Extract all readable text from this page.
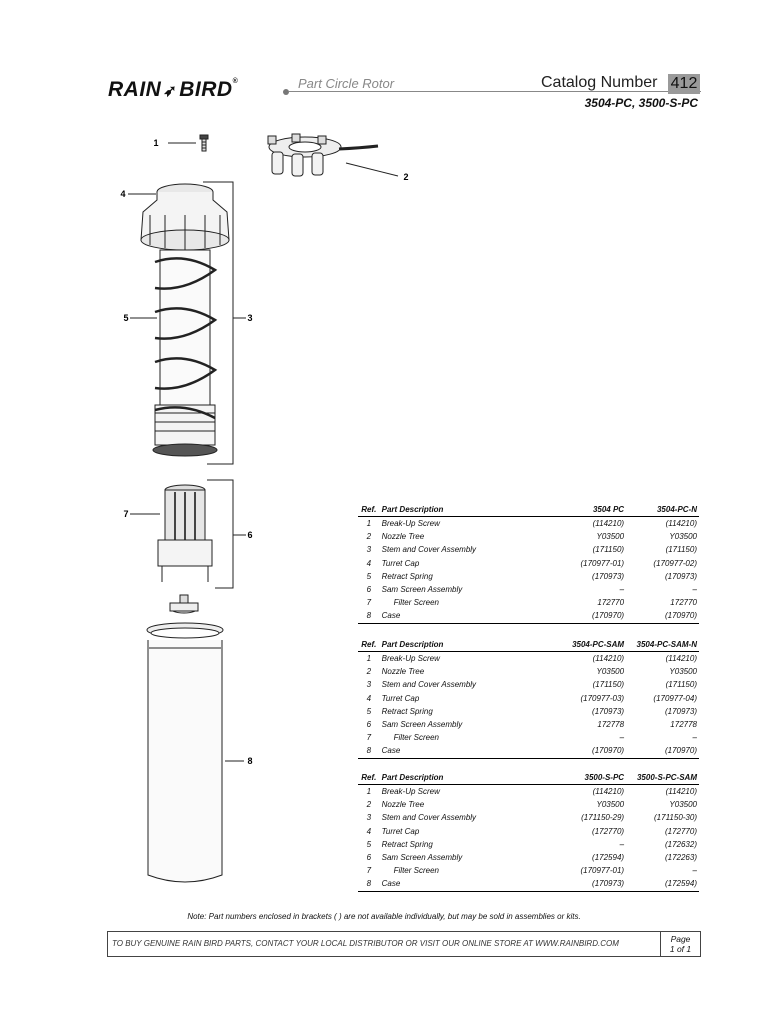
RAIN ➶BIRD®	Part Circle Rotor	Catalog Number 412
3504-PC, 3500-S-PC
1
2
3
4
5
6
7
8
Ref.	Part Description	3504 PC	3504-PC-N
1	Break-Up Screw	(114210)	(114210)
2	Nozzle Tree	Y03500	Y03500
3	Stem and Cover Assembly	(171150)	(171150)
4	Turret Cap	(170977-01)	(170977-02)
5	Retract Spring	(170973)	(170973)
6	Sam Screen Assembly	–	–
7	Filter Screen	172770	172770
8	Case	(170970)	(170970)
Ref.	Part Description	3504-PC-SAM	3504-PC-SAM-N
1	Break-Up Screw	(114210)	(114210)
2	Nozzle Tree	Y03500	Y03500
3	Stem and Cover Assembly	(171150)	(171150)
4	Turret Cap	(170977-03)	(170977-04)
5	Retract Spring	(170973)	(170973)
6	Sam Screen Assembly	172778	172778
7	Filter Screen	–	–
8	Case	(170970)	(170970)
Ref.	Part Description	3500-S-PC	3500-S-PC-SAM
1	Break-Up Screw	(114210)	(114210)
2	Nozzle Tree	Y03500	Y03500
3	Stem and Cover Assembly	(171150-29)	(171150-30)
4	Turret Cap	(172770)	(172770)
5	Retract Spring	–	(172632)
6	Sam Screen Assembly	(172594)	(172263)
7	Filter Screen	(170977-01)	–
8	Case	(170973)	(172594)
Note: Part numbers enclosed in brackets ( ) are not available individually, but may be sold in assemblies or kits.
TO BUY GENUINE RAIN BIRD PARTS, CONTACT YOUR LOCAL DISTRIBUTOR OR VISIT OUR ONLINE STORE AT WWW.RAINBIRD.COM	Page
1 of 1
